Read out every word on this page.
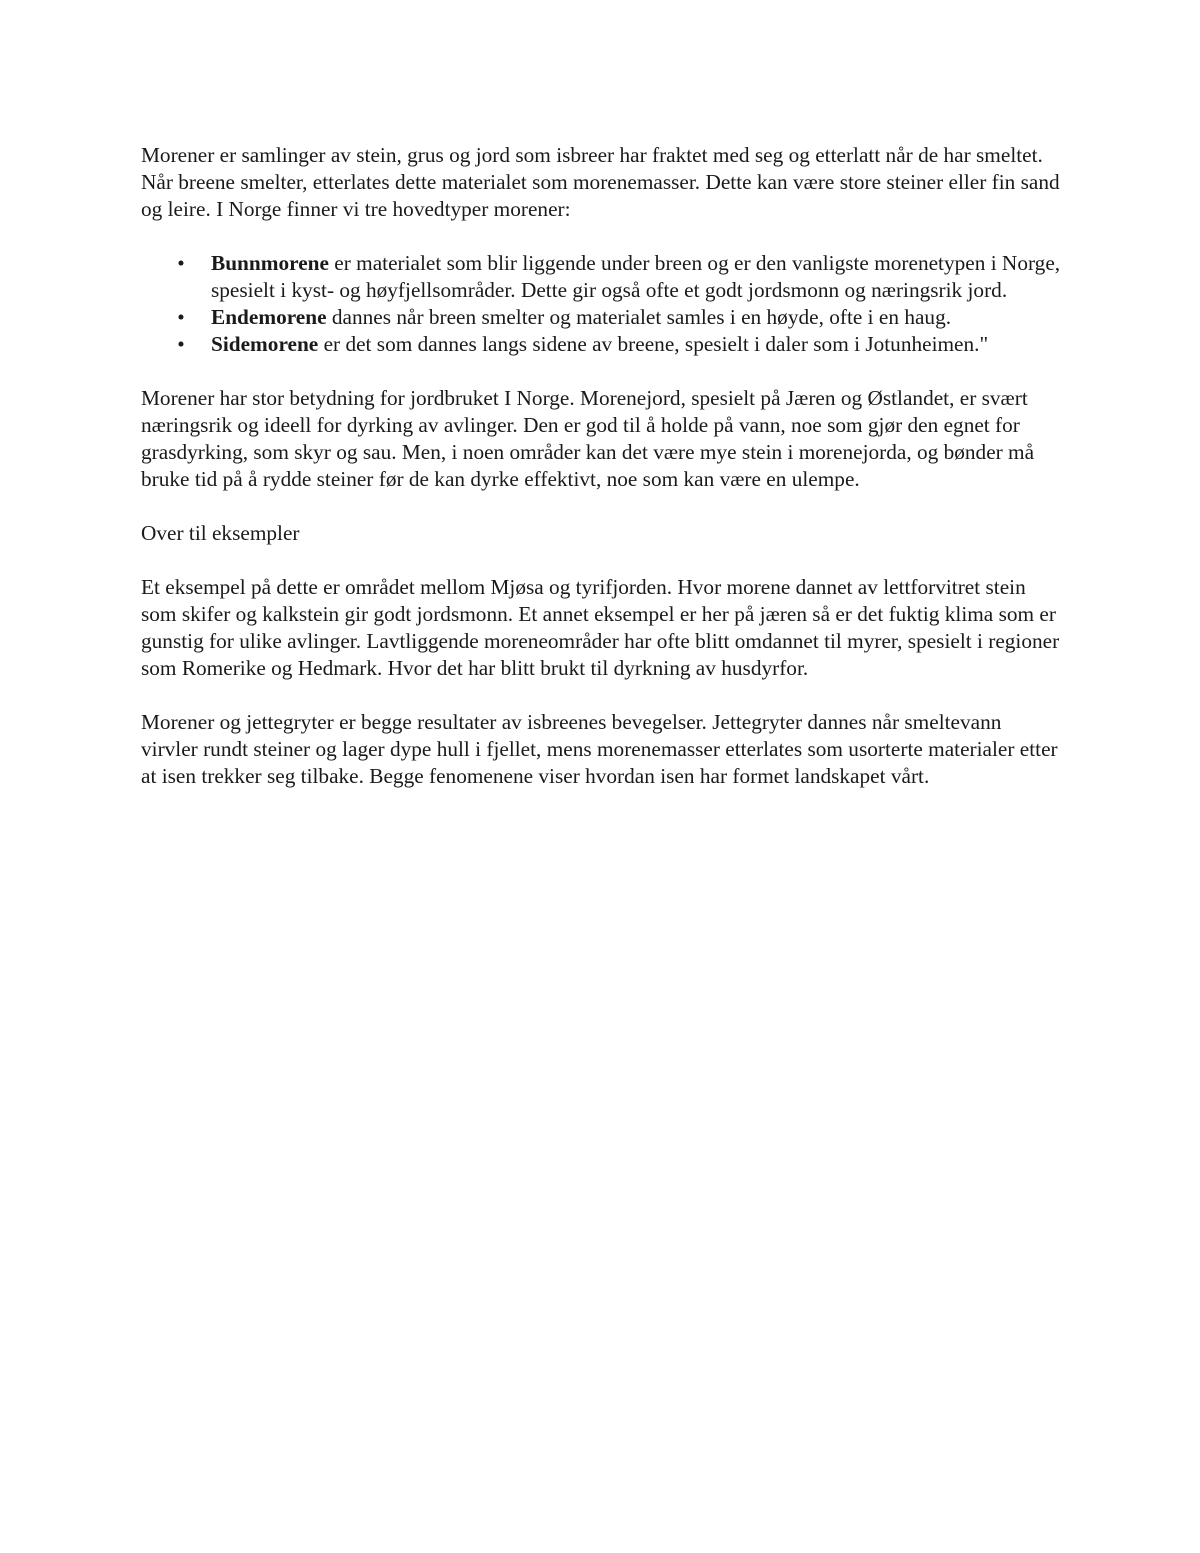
Morener er samlinger av stein, grus og jord som isbreer har fraktet med seg og etterlatt når de har smeltet. Når breene smelter, etterlates dette materialet som morenemasser. Dette kan være store steiner eller fin sand og leire. I Norge finner vi tre hovedtyper morener:

• Bunnmorene er materialet som blir liggende under breen og er den vanligste morenetypen i Norge, spesielt i kyst- og høyfjellsområder. Dette gir også ofte et godt jordsmonn og næringsrik jord.
• Endemorene dannes når breen smelter og materialet samles i en høyde, ofte i en haug.
• Sidemorene er det som dannes langs sidene av breene, spesielt i daler som i Jotunheimen."

Morener har stor betydning for jordbruket I Norge. Morenejord, spesielt på Jæren og Østlandet, er svært næringsrik og ideell for dyrking av avlinger. Den er god til å holde på vann, noe som gjør den egnet for grasdyrking, som skyr og sau. Men, i noen områder kan det være mye stein i morenejorda, og bønder må bruke tid på å rydde steiner før de kan dyrke effektivt, noe som kan være en ulempe.

Over til eksempler

Et eksempel på dette er området mellom Mjøsa og tyrifjorden. Hvor morene dannet av lettforvitret stein som skifer og kalkstein gir godt jordsmonn. Et annet eksempel er her på jæren så er det fuktig klima som er gunstig for ulike avlinger. Lavtliggende moreneområder har ofte blitt omdannet til myrer, spesielt i regioner som Romerike og Hedmark. Hvor det har blitt brukt til dyrkning av husdyrfor.

Morener og jettegryter er begge resultater av isbreenes bevegelser. Jettegryter dannes når smeltevann virvler rundt steiner og lager dype hull i fjellet, mens morenemasser etterlates som usorterte materialer etter at isen trekker seg tilbake. Begge fenomenene viser hvordan isen har formet landskapet vårt.
